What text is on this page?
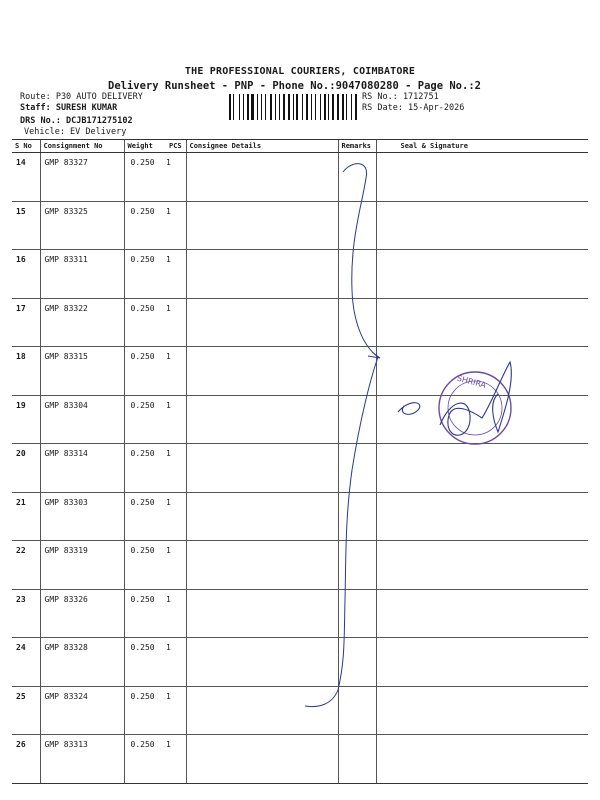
THE PROFESSIONAL COURIERS, COIMBATORE
Delivery Runsheet - PNP - Phone No.:9047080280 - Page No.:2
Route: P30 AUTO DELIVERY
Staff: SURESH KUMAR
DRS No.: DCJB171275102
Vehicle: EV Delivery
RS No.: 1712751
RS Date: 15-Apr-2026
S No	Consignment No	Weight	PCS	Consignee Details	Remarks	Seal & Signature
14	GMP 83327	0.250	1			
15	GMP 83325	0.250	1			
16	GMP 83311	0.250	1			
17	GMP 83322	0.250	1			
18	GMP 83315	0.250	1			
19	GMP 83304	0.250	1			
20	GMP 83314	0.250	1			
21	GMP 83303	0.250	1			
22	GMP 83319	0.250	1			
23	GMP 83326	0.250	1			
24	GMP 83328	0.250	1			
25	GMP 83324	0.250	1			
26	GMP 83313	0.250	1			
SHRIRA
